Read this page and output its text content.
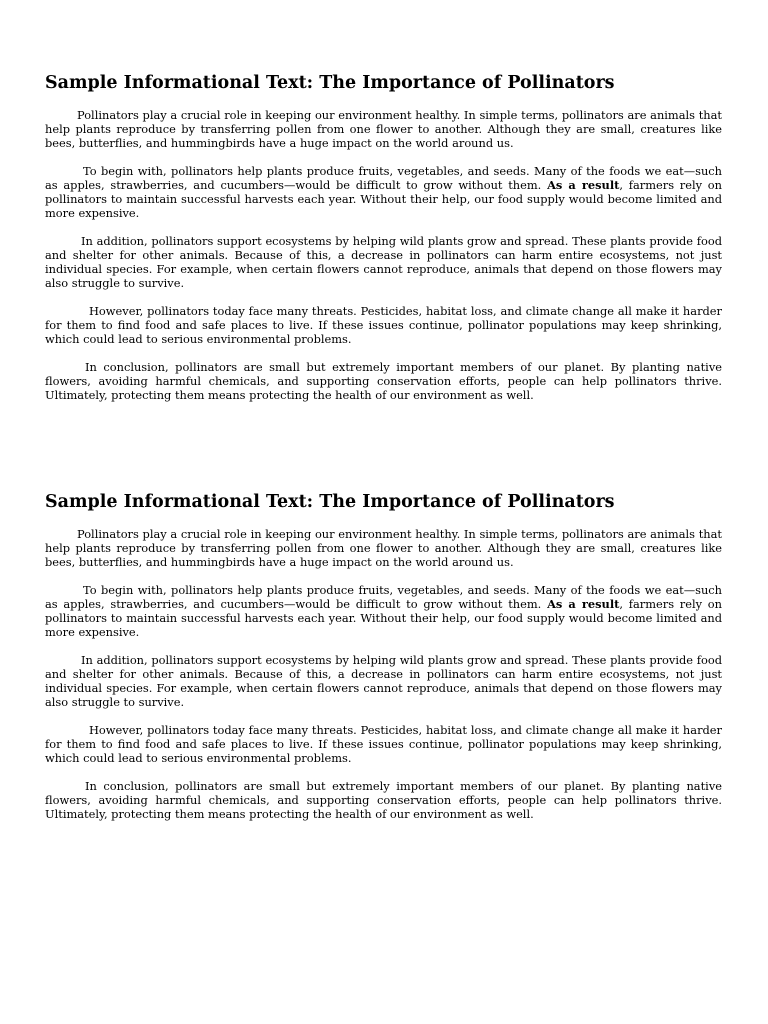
Sample Informational Text: The Importance of Pollinators

Pollinators play a crucial role in keeping our environment healthy. In simple terms, pollinators are animals that help plants reproduce by transferring pollen from one flower to another. Although they are small, creatures like bees, butterflies, and hummingbirds have a huge impact on the world around us.

To begin with, pollinators help plants produce fruits, vegetables, and seeds. Many of the foods we eat—such as apples, strawberries, and cucumbers—would be difficult to grow without them. As a result, farmers rely on pollinators to maintain successful harvests each year. Without their help, our food supply would become limited and more expensive.

In addition, pollinators support ecosystems by helping wild plants grow and spread. These plants provide food and shelter for other animals. Because of this, a decrease in pollinators can harm entire ecosystems, not just individual species. For example, when certain flowers cannot reproduce, animals that depend on those flowers may also struggle to survive.

However, pollinators today face many threats. Pesticides, habitat loss, and climate change all make it harder for them to find food and safe places to live. If these issues continue, pollinator populations may keep shrinking, which could lead to serious environmental problems.

In conclusion, pollinators are small but extremely important members of our planet. By planting native flowers, avoiding harmful chemicals, and supporting conservation efforts, people can help pollinators thrive. Ultimately, protecting them means protecting the health of our environment as well.

Sample Informational Text: The Importance of Pollinators

Pollinators play a crucial role in keeping our environment healthy. In simple terms, pollinators are animals that help plants reproduce by transferring pollen from one flower to another. Although they are small, creatures like bees, butterflies, and hummingbirds have a huge impact on the world around us.

To begin with, pollinators help plants produce fruits, vegetables, and seeds. Many of the foods we eat—such as apples, strawberries, and cucumbers—would be difficult to grow without them. As a result, farmers rely on pollinators to maintain successful harvests each year. Without their help, our food supply would become limited and more expensive.

In addition, pollinators support ecosystems by helping wild plants grow and spread. These plants provide food and shelter for other animals. Because of this, a decrease in pollinators can harm entire ecosystems, not just individual species. For example, when certain flowers cannot reproduce, animals that depend on those flowers may also struggle to survive.

However, pollinators today face many threats. Pesticides, habitat loss, and climate change all make it harder for them to find food and safe places to live. If these issues continue, pollinator populations may keep shrinking, which could lead to serious environmental problems.

In conclusion, pollinators are small but extremely important members of our planet. By planting native flowers, avoiding harmful chemicals, and supporting conservation efforts, people can help pollinators thrive. Ultimately, protecting them means protecting the health of our environment as well.
